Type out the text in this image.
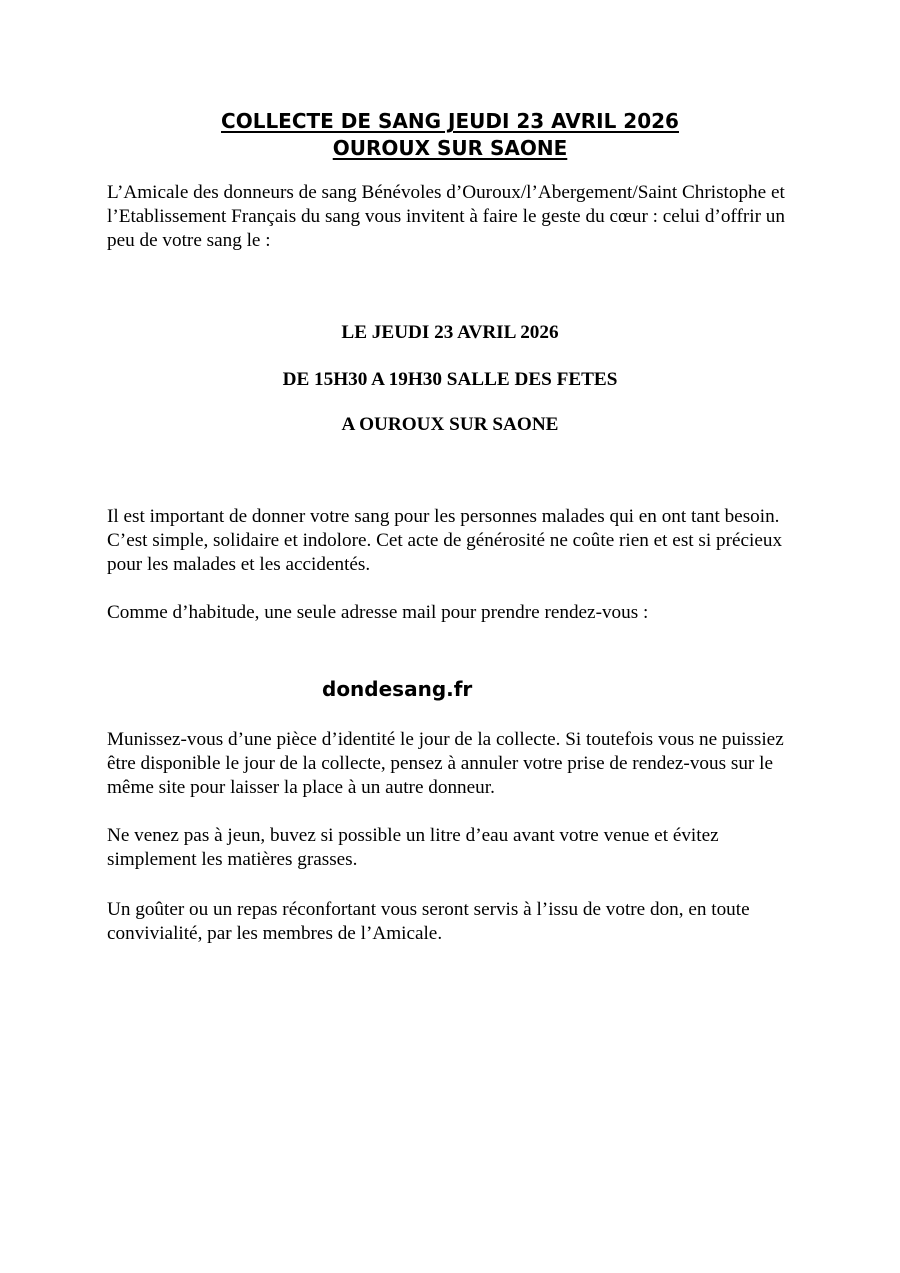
COLLECTE DE SANG JEUDI 23 AVRIL 2026
OUROUX SUR SAONE
L’Amicale des donneurs de sang Bénévoles d’Ouroux/l’Abergement/Saint Christophe et l’Etablissement Français du sang vous invitent à faire le geste du cœur : celui d’offrir un peu de votre sang le :
LE JEUDI 23 AVRIL 2026
DE 15H30 A 19H30 SALLE DES FETES
A OUROUX SUR SAONE
Il est important de donner votre sang pour les personnes malades qui en ont tant besoin. C’est simple, solidaire et indolore. Cet acte de générosité ne coûte rien et est si précieux pour les malades et les accidentés.
Comme d’habitude, une seule adresse mail pour prendre rendez-vous :
dondesang.fr
Munissez-vous d’une pièce d’identité le jour de la collecte. Si toutefois vous ne puissiez être disponible le jour de la collecte, pensez à annuler votre prise de rendez-vous sur le même site pour laisser la place à un autre donneur.
Ne venez pas à jeun, buvez si possible un litre d’eau avant votre venue et évitez simplement les matières grasses.
Un goûter ou un repas réconfortant vous seront servis à l’issu de votre don, en toute convivialité, par les membres de l’Amicale.
